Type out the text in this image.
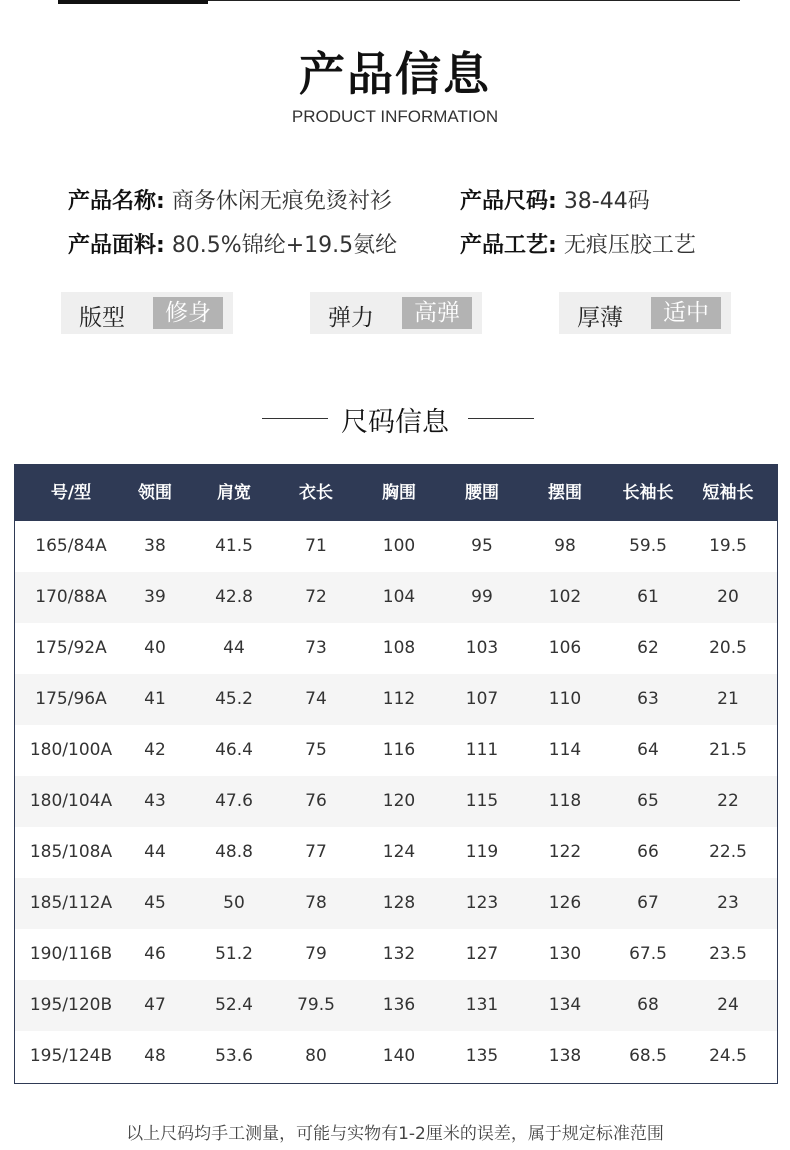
产品信息
PRODUCT INFORMATION
产品名称: 商务休闲无痕免烫衬衫	产品尺码: 38-44码
产品面料: 80.5%锦纶+19.5氨纶	产品工艺: 无痕压胶工艺
版型	修身	弹力	高弹	厚薄	适中
尺码信息
号/型	领围	肩宽	衣长	胸围	腰围	摆围	长袖长	短袖长
165/84A	38	41.5	71	100	95	98	59.5	19.5
170/88A	39	42.8	72	104	99	102	61	20
175/92A	40	44	73	108	103	106	62	20.5
175/96A	41	45.2	74	112	107	110	63	21
180/100A	42	46.4	75	116	111	114	64	21.5
180/104A	43	47.6	76	120	115	118	65	22
185/108A	44	48.8	77	124	119	122	66	22.5
185/112A	45	50	78	128	123	126	67	23
190/116B	46	51.2	79	132	127	130	67.5	23.5
195/120B	47	52.4	79.5	136	131	134	68	24
195/124B	48	53.6	80	140	135	138	68.5	24.5
以上尺码均手工测量，可能与实物有1-2厘米的误差，属于规定标准范围
